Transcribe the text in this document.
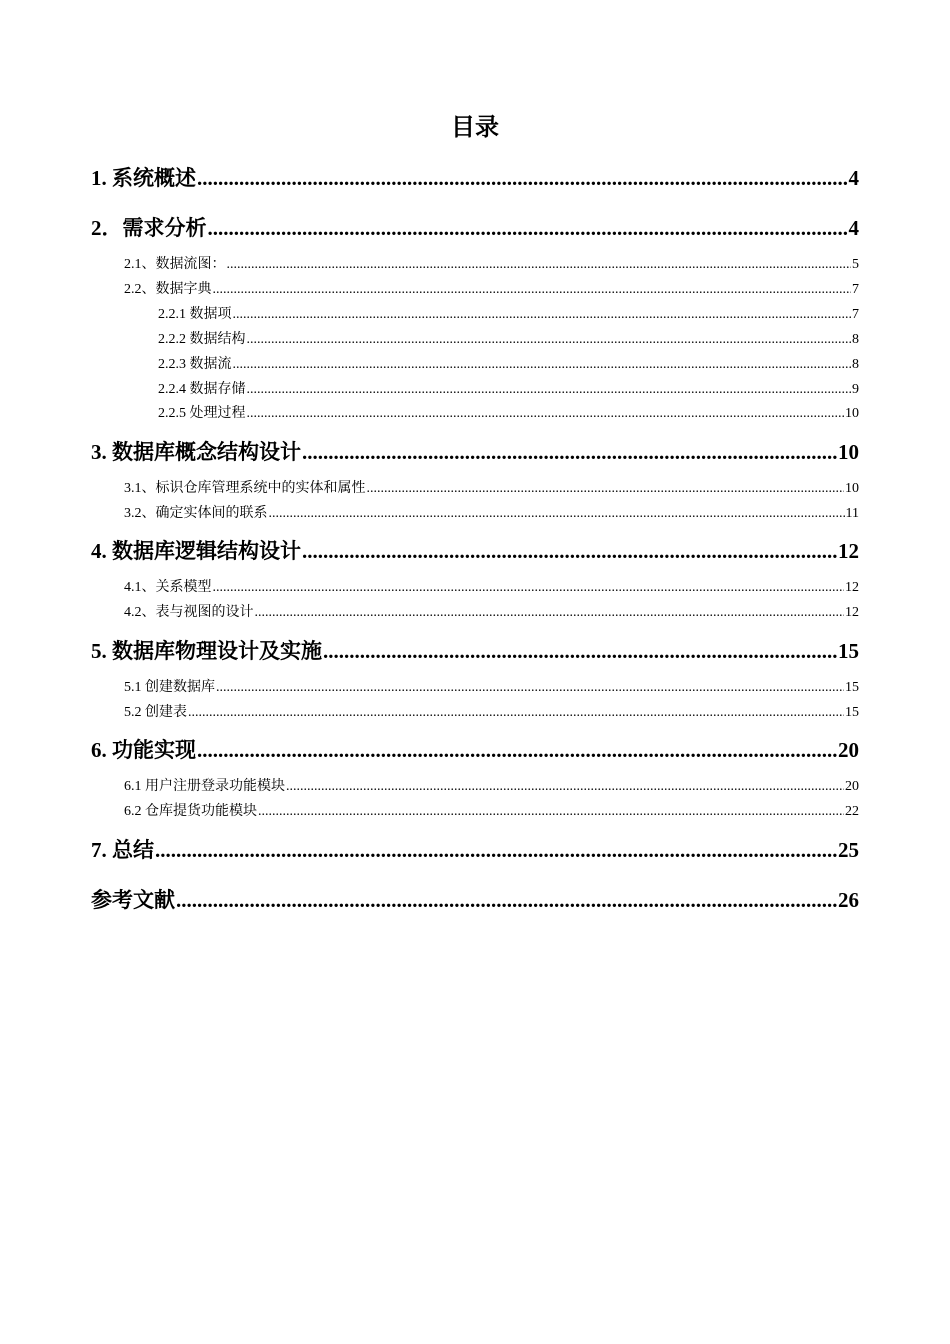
目录
1. 系统概述 .....	4
2．需求分析 .....	4
2.1、数据流图： .....	5
2.2、数据字典 .....	7
2.2.1 数据项 .....	7
2.2.2 数据结构 .....	8
2.2.3 数据流 .....	8
2.2.4 数据存储 .....	9
2.2.5 处理过程 .....	10
3. 数据库概念结构设计 .....	10
3.1、标识仓库管理系统中的实体和属性 .....	10
3.2、确定实体间的联系 .....	11
4. 数据库逻辑结构设计 .....	12
4.1、关系模型 .....	12
4.2、表与视图的设计 .....	12
5. 数据库物理设计及实施 .....	15
5.1 创建数据库 .....	15
5.2 创建表 .....	15
6. 功能实现 .....	20
6.1 用户注册登录功能模块 .....	20
6.2 仓库提货功能模块 .....	22
7. 总结 .....	25
参考文献 .....	26
